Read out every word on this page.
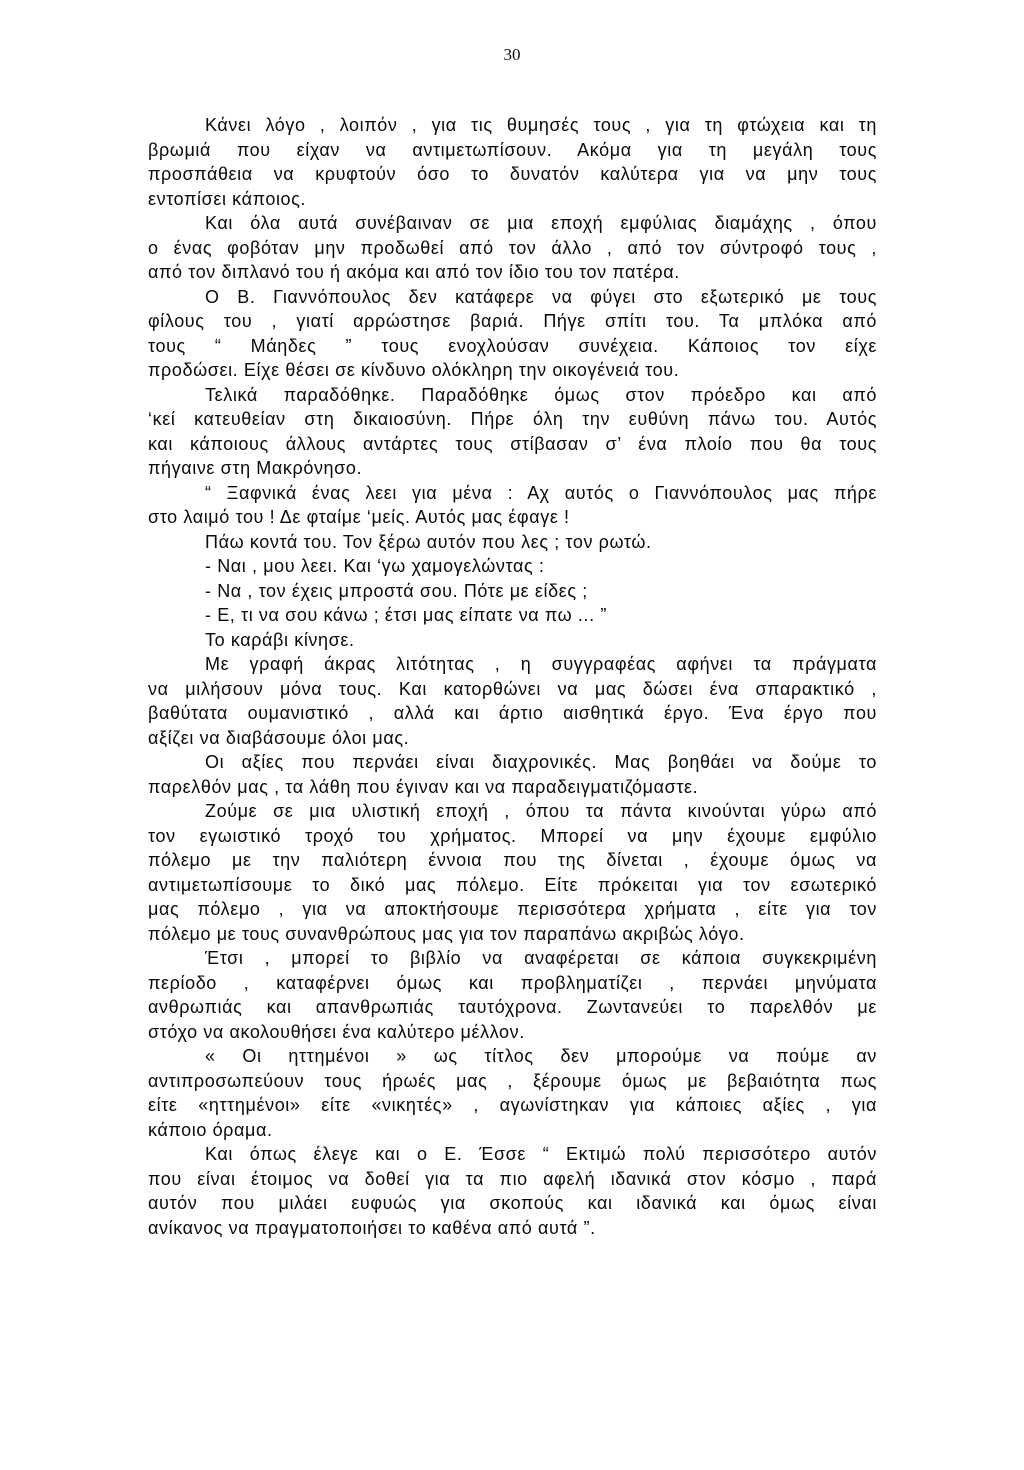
30
Κάνει λόγο , λοιπόν , για τις θυμησές τους , για τη φτώχεια και τη
βρωμιά που είχαν να αντιμετωπίσουν. Ακόμα για τη μεγάλη τους
προσπάθεια να κρυφτούν όσο το δυνατόν καλύτερα για να μην τους
εντοπίσει κάποιος.
Και όλα αυτά συνέβαιναν σε μια εποχή εμφύλιας διαμάχης , όπου
ο ένας φοβόταν μην προδωθεί από τον άλλο , από τον σύντροφό τους ,
από τον διπλανό του ή ακόμα και από τον ίδιο του τον πατέρα.
Ο Β. Γιαννόπουλος δεν κατάφερε να φύγει στο εξωτερικό με τους
φίλους του , γιατί αρρώστησε βαριά. Πήγε σπίτι του. Τα μπλόκα από
τους “ Μάηδες ” τους ενοχλούσαν συνέχεια. Κάποιος τον είχε
προδώσει. Είχε θέσει σε κίνδυνο ολόκληρη την οικογένειά του.
Τελικά παραδόθηκε. Παραδόθηκε όμως στον πρόεδρο και από
‘κεί κατευθείαν στη δικαιοσύνη. Πήρε όλη την ευθύνη πάνω του. Αυτός
και κάποιους άλλους αντάρτες τους στίβασαν σ’ ένα πλοίο που θα τους
πήγαινε στη Μακρόνησο.
“ Ξαφνικά ένας λεει για μένα : Αχ αυτός ο Γιαννόπουλος μας πήρε
στο λαιμό του ! Δε φταίμε ‘μείς. Αυτός μας έφαγε !
Πάω κοντά του. Τον ξέρω αυτόν που λες ; τον ρωτώ.
- Ναι , μου λεει. Και ‘γω χαμογελώντας :
- Να , τον έχεις μπροστά σου. Πότε με είδες ;
- Ε, τι να σου κάνω ; έτσι μας είπατε να πω ... ”
Το καράβι κίνησε.
Με γραφή άκρας λιτότητας , η συγγραφέας αφήνει τα πράγματα
να μιλήσουν μόνα τους. Και κατορθώνει να μας δώσει ένα σπαρακτικό ,
βαθύτατα ουμανιστικό , αλλά και άρτιο αισθητικά έργο. Ένα έργο που
αξίζει να διαβάσουμε όλοι μας.
Οι αξίες που περνάει είναι διαχρονικές. Μας βοηθάει να δούμε το
παρελθόν μας , τα λάθη που έγιναν και να παραδειγματιζόμαστε.
Ζούμε σε μια υλιστική εποχή , όπου τα πάντα κινούνται γύρω από
τον εγωιστικό τροχό του χρήματος. Μπορεί να μην έχουμε εμφύλιο
πόλεμο με την παλιότερη έννοια που της δίνεται , έχουμε όμως να
αντιμετωπίσουμε το δικό μας πόλεμο. Είτε πρόκειται για τον εσωτερικό
μας πόλεμο , για να αποκτήσουμε περισσότερα χρήματα , είτε για τον
πόλεμο με τους συνανθρώπους μας για τον παραπάνω ακριβώς λόγο.
Έτσι , μπορεί το βιβλίο να αναφέρεται σε κάποια συγκεκριμένη
περίοδο , καταφέρνει όμως και προβληματίζει , περνάει μηνύματα
ανθρωπιάς και απανθρωπιάς ταυτόχρονα. Ζωντανεύει το παρελθόν με
στόχο να ακολουθήσει ένα καλύτερο μέλλον.
« Οι ηττημένοι » ως τίτλος δεν μπορούμε να πούμε αν
αντιπροσωπεύουν τους ήρωές μας , ξέρουμε όμως με βεβαιότητα πως
είτε «ηττημένοι» είτε «νικητές» , αγωνίστηκαν για κάποιες αξίες , για
κάποιο όραμα.
Και όπως έλεγε και ο Ε. Έσσε “ Εκτιμώ πολύ περισσότερο αυτόν
που είναι έτοιμος να δοθεί για τα πιο αφελή ιδανικά στον κόσμο , παρά
αυτόν που μιλάει ευφυώς για σκοπούς και ιδανικά και όμως είναι
ανίκανος να πραγματοποιήσει το καθένα από αυτά ”.
